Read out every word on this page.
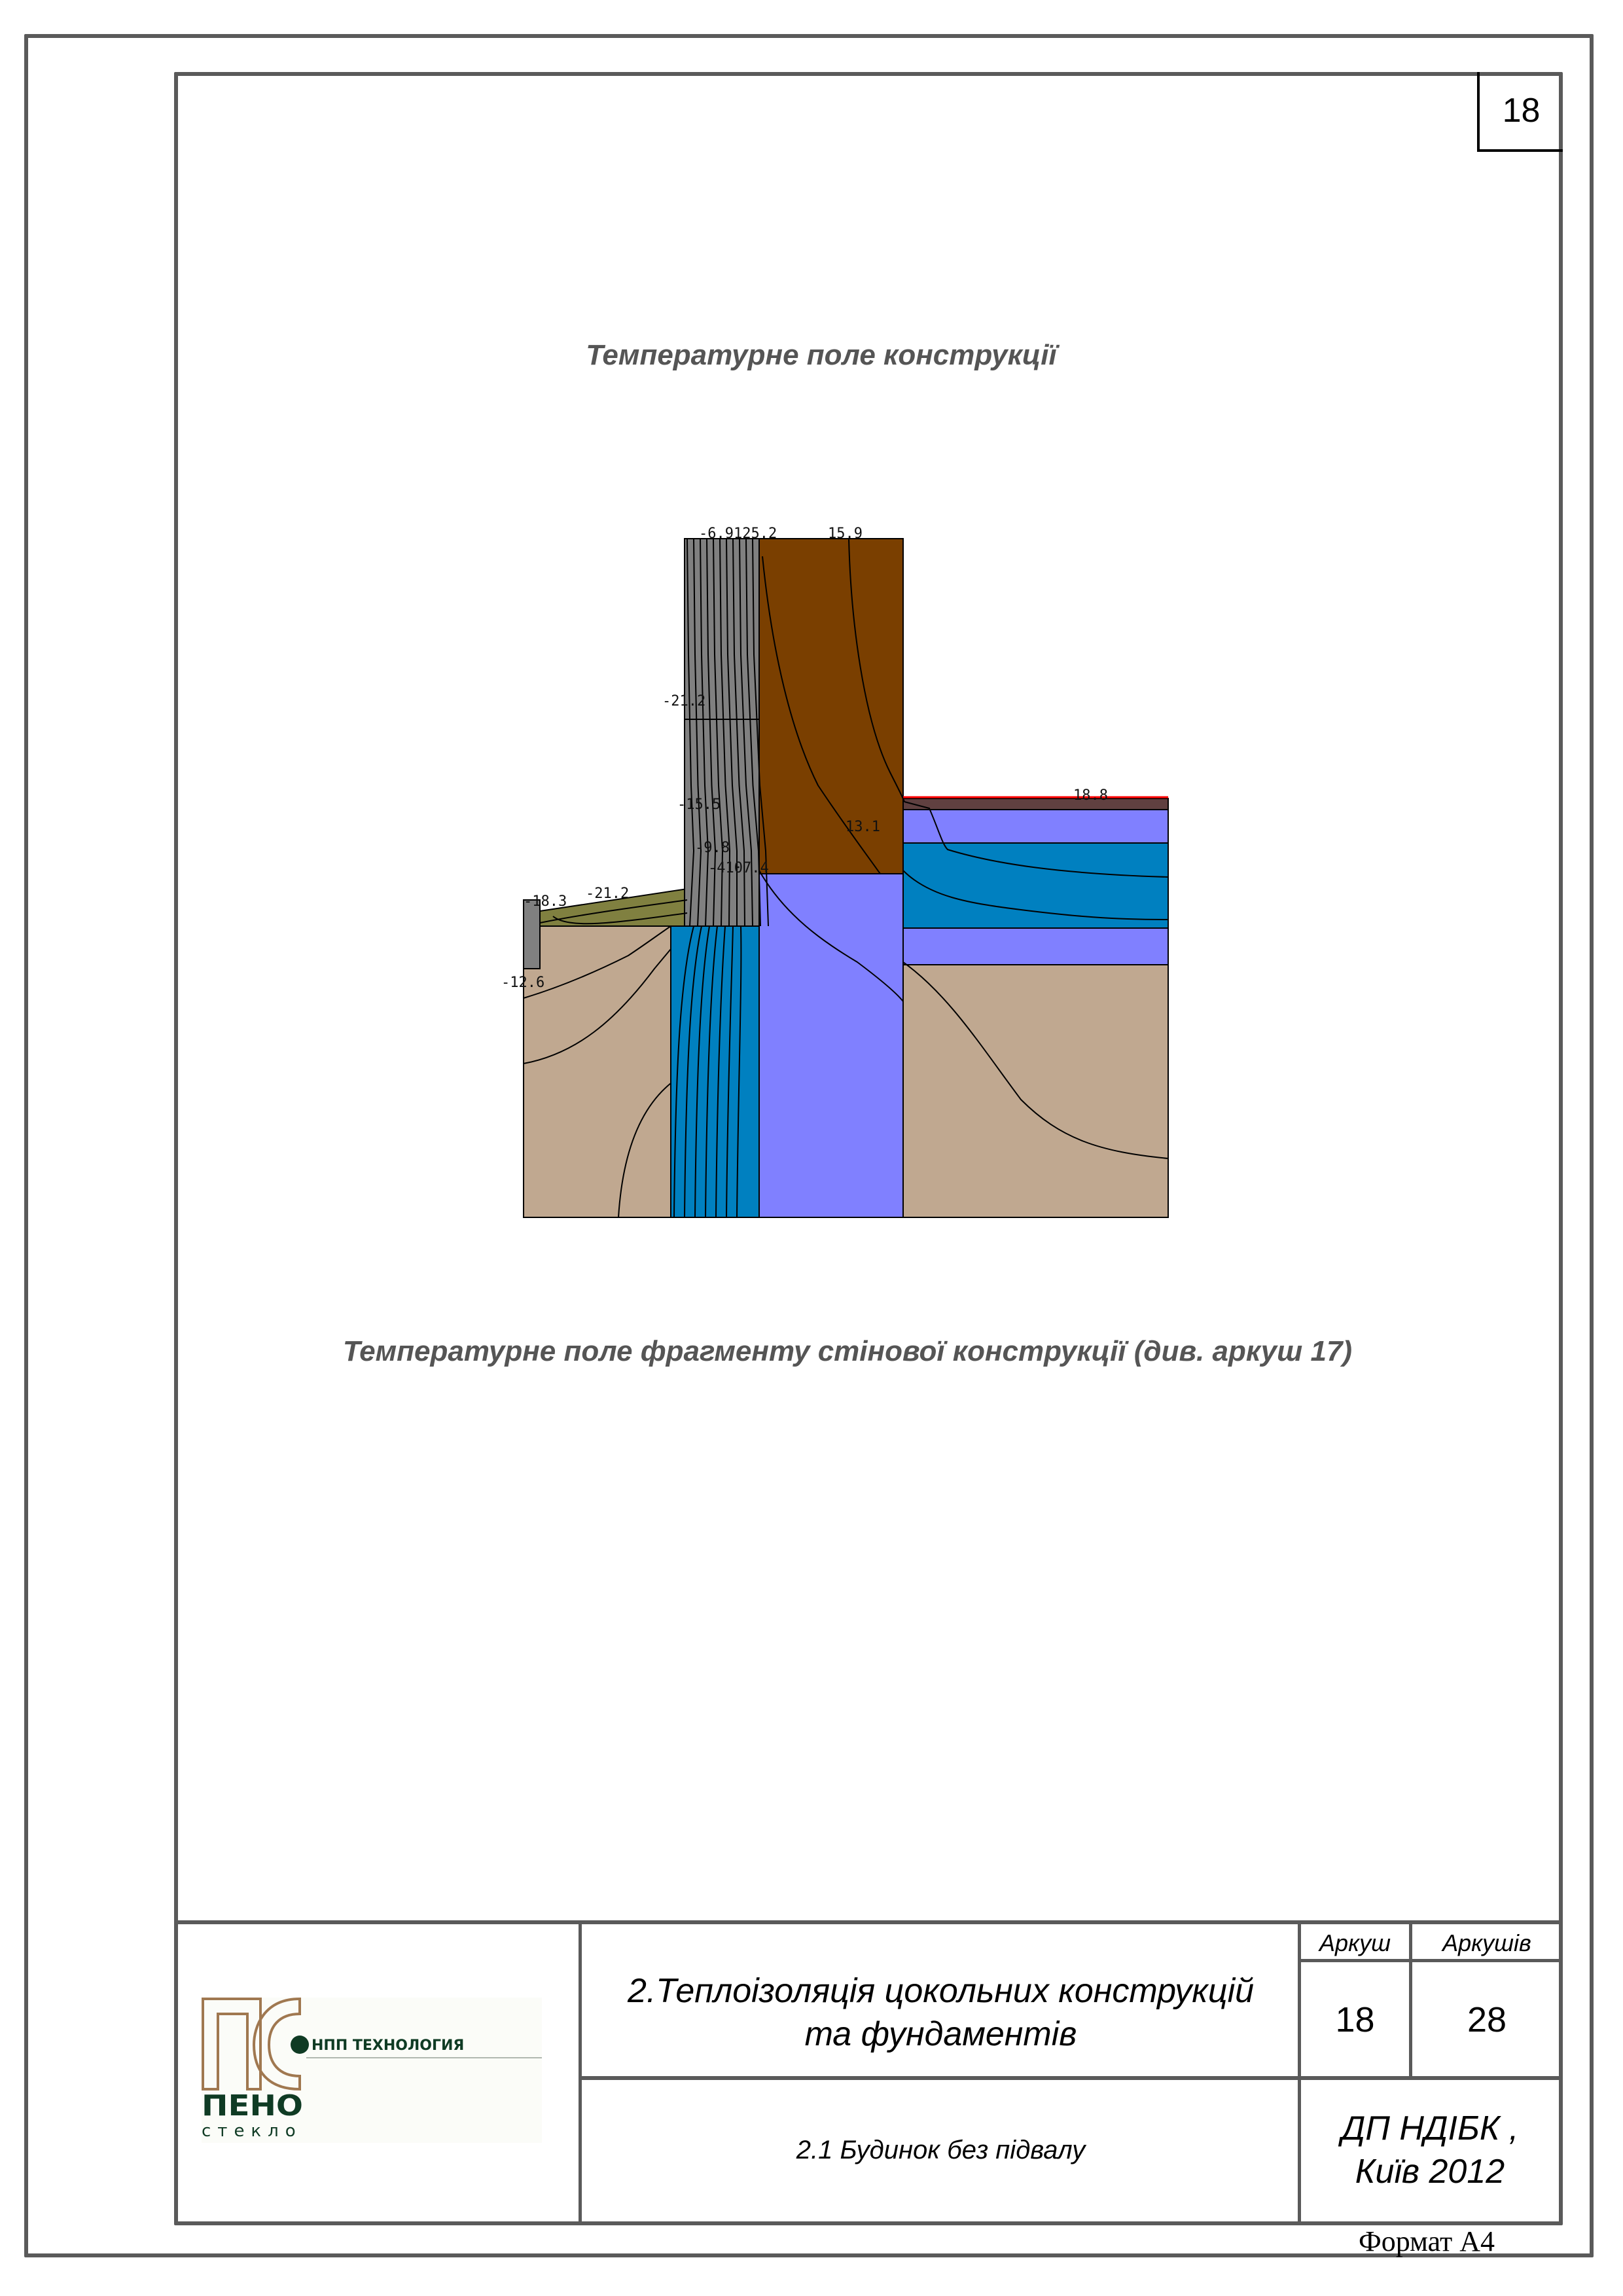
18
Температурне поле конструкції
-6.9125.2	15.9
-21.2
-15.5
-9.8
-4107.4
13.1
18.8
-18.3 -21.2
-12.6
Температурне поле фрагменту стінової конструкції (див. аркуш 17)
НПП ТЕХНОЛОГИЯ
ПЕНО
стекло
2.Теплоізоляція цокольних конструкцій
та фундаментів
2.1 Будинок без підвалу
ДП НДІБК ,
Київ 2012
Аркуш	Аркушів
18	28
Формат А4
